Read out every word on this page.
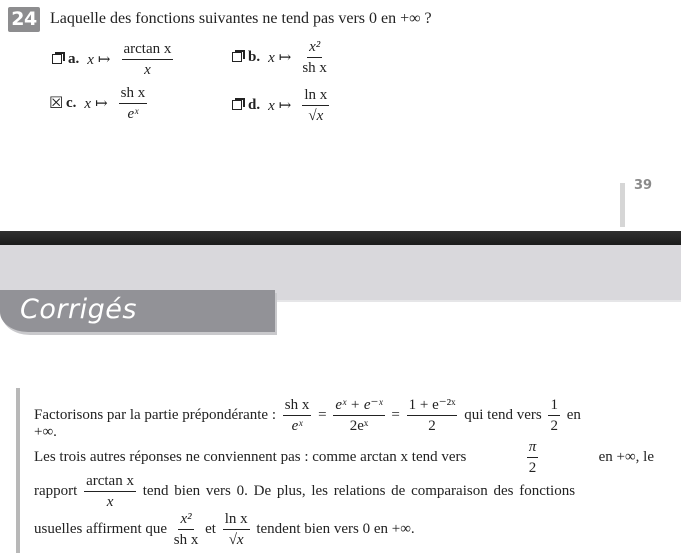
24 Laquelle des fonctions suivantes ne tend pas vers 0 en +∞ ?
a. x ↦ $\frac{\text{arctan x}}{x}$	b. x ↦ $\frac{\text{x²}}{\text{sh x}}$
☒ c. x ↦ $\frac{\text{sh x}}{\text{eˣ}}$	d. x ↦ $\frac{\text{ln x}}{√x}$
39
Corrigés
Factorisons par la partie prépondérante :
$\frac{\text{sh x}}{\text{eˣ}}$
=
$\frac{\text{eˣ + e⁻ˣ}}{\text{2eˣ}}$
=
$\frac{\text{1 + e⁻²ˣ}}{2}$
qui tend vers
$\frac{1}{2}$
en
+∞.
Les trois autres réponses ne conviennent pas : comme arctan x tend vers	$\frac{\pi}{2}$	en +∞, le
rapport
$\frac{\text{arctan x}}{x}$
tend bien vers 0. De plus, les relations de comparaison des fonctions
usuelles affirment que
$\frac{\text{x²}}{\text{sh x}}$
et
$\frac{\text{ln x}}{√x}$
tendent bien vers 0 en +∞.
